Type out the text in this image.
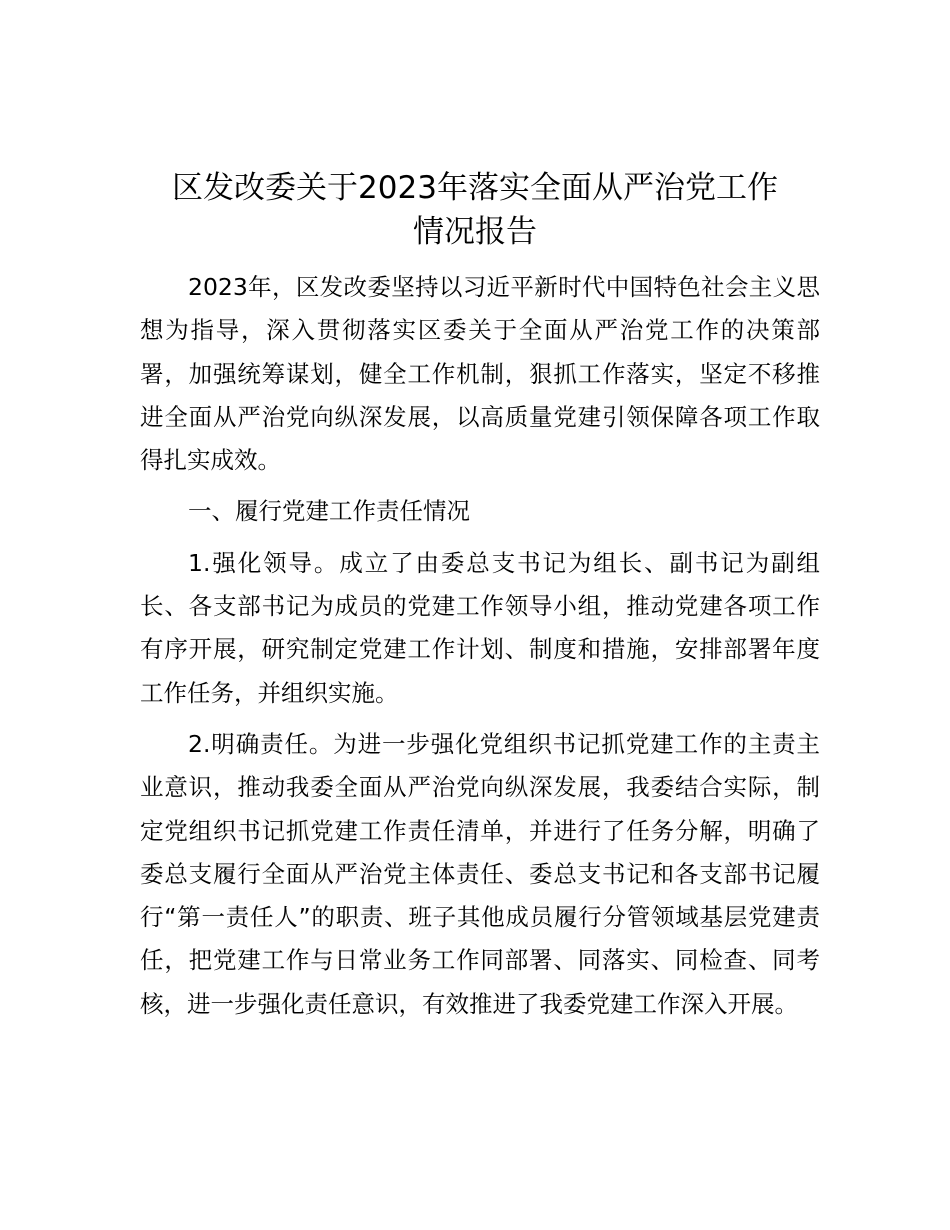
区发改委关于2023年落实全面从严治党工作
情况报告

2023年，区发改委坚持以习近平新时代中国特色社会主义思想为指导，深入贯彻落实区委关于全面从严治党工作的决策部署，加强统筹谋划，健全工作机制，狠抓工作落实，坚定不移推进全面从严治党向纵深发展，以高质量党建引领保障各项工作取得扎实成效。

一、履行党建工作责任情况

1.强化领导。成立了由委总支书记为组长、副书记为副组长、各支部书记为成员的党建工作领导小组，推动党建各项工作有序开展，研究制定党建工作计划、制度和措施，安排部署年度工作任务，并组织实施。

2.明确责任。为进一步强化党组织书记抓党建工作的主责主业意识，推动我委全面从严治党向纵深发展，我委结合实际，制定党组织书记抓党建工作责任清单，并进行了任务分解，明确了委总支履行全面从严治党主体责任、委总支书记和各支部书记履行“第一责任人”的职责、班子其他成员履行分管领域基层党建责任，把党建工作与日常业务工作同部署、同落实、同检查、同考核，进一步强化责任意识，有效推进了我委党建工作深入开展。
